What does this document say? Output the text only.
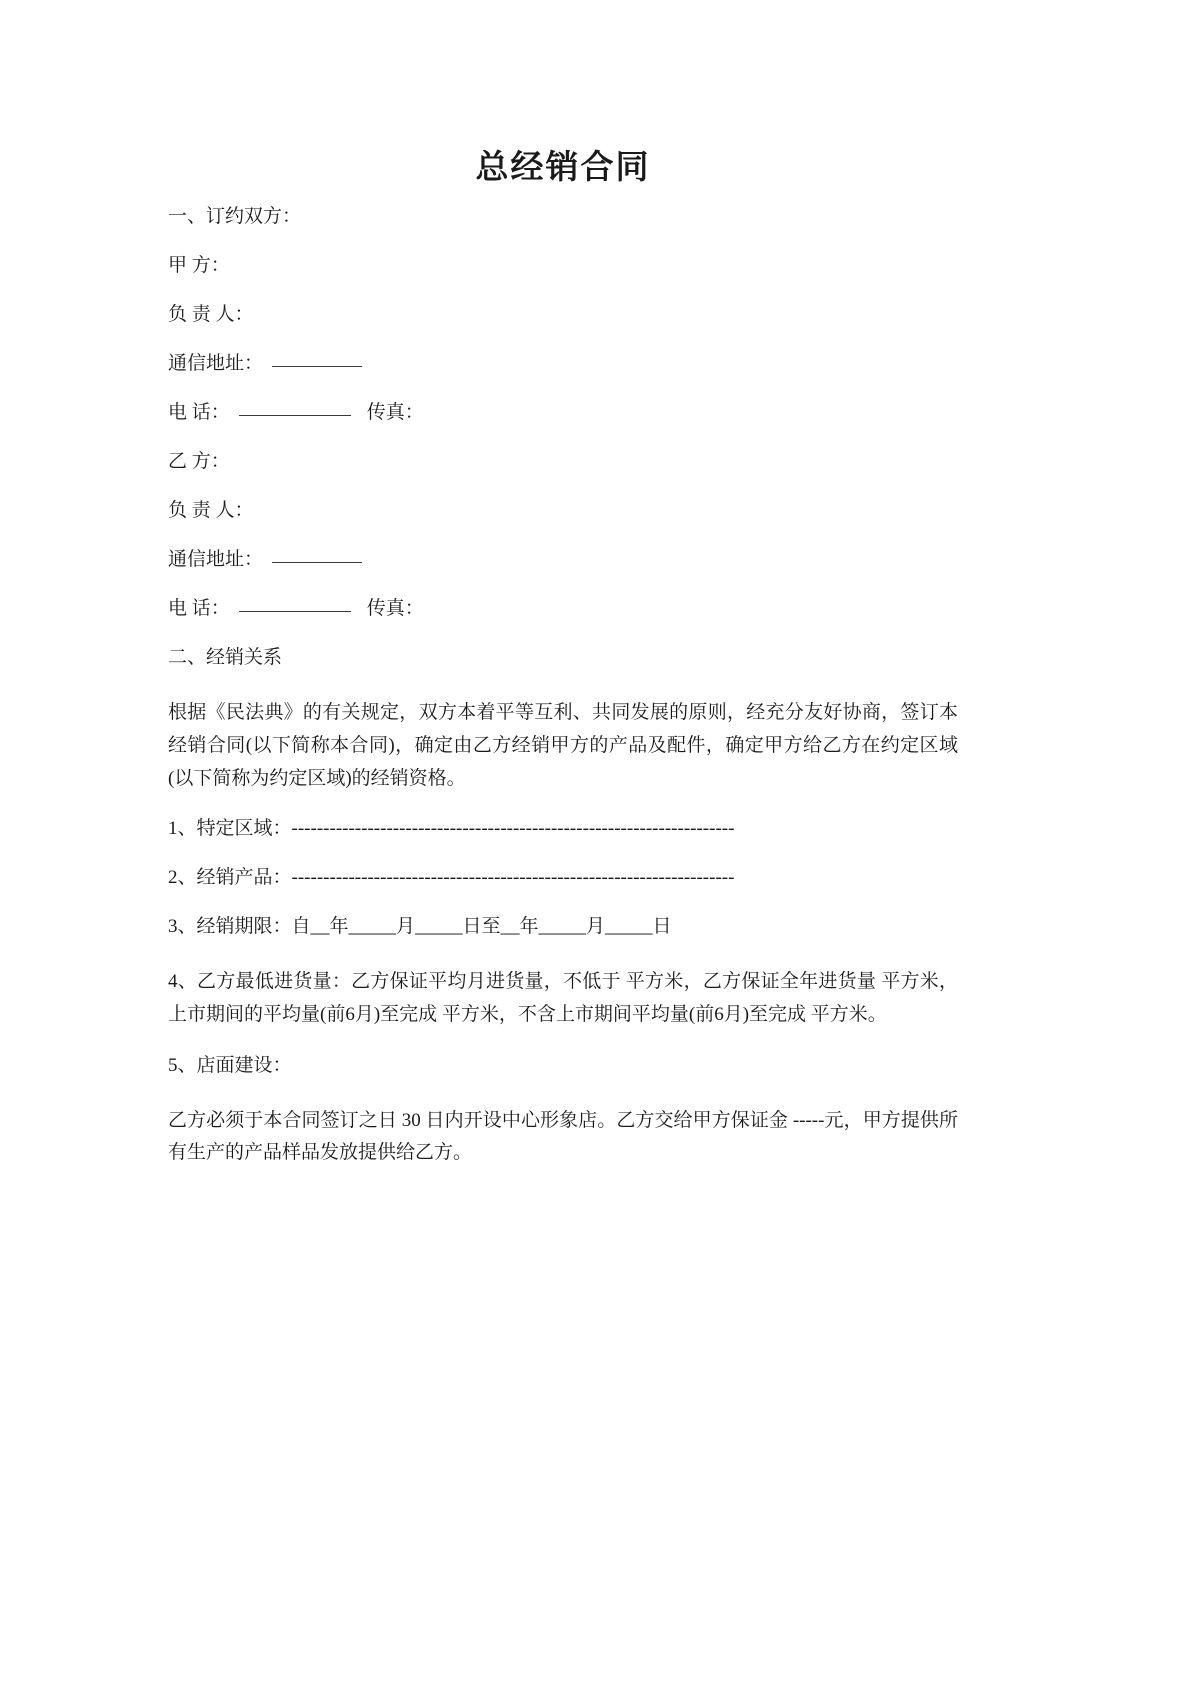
总经销合同

一、订约双方：

甲 方：

负 责 人：

通信地址：

电 话：	传真：

乙 方：

负 责 人：

通信地址：

电 话：	传真：

二、经销关系

根据《民法典》的有关规定，双方本着平等互利、共同发展的原则，经充分友好协商，签订本经销合同(以下简称本合同)，确定由乙方经销甲方的产品及配件，确定甲方给乙方在约定区域(以下简称为约定区域)的经销资格。

1、特定区域：----------------------------------------------------------------------

2、经销产品：----------------------------------------------------------------------

3、经销期限：自__年_____月_____日至__年_____月_____日

4、乙方最低进货量：乙方保证平均月进货量，不低于 平方米，乙方保证全年进货量 平方米，上市期间的平均量(前6月)至完成 平方米，不含上市期间平均量(前6月)至完成 平方米。

5、店面建设：

乙方必须于本合同签订之日 30 日内开设中心形象店。乙方交给甲方保证金 -----元，甲方提供所有生产的产品样品发放提供给乙方。
